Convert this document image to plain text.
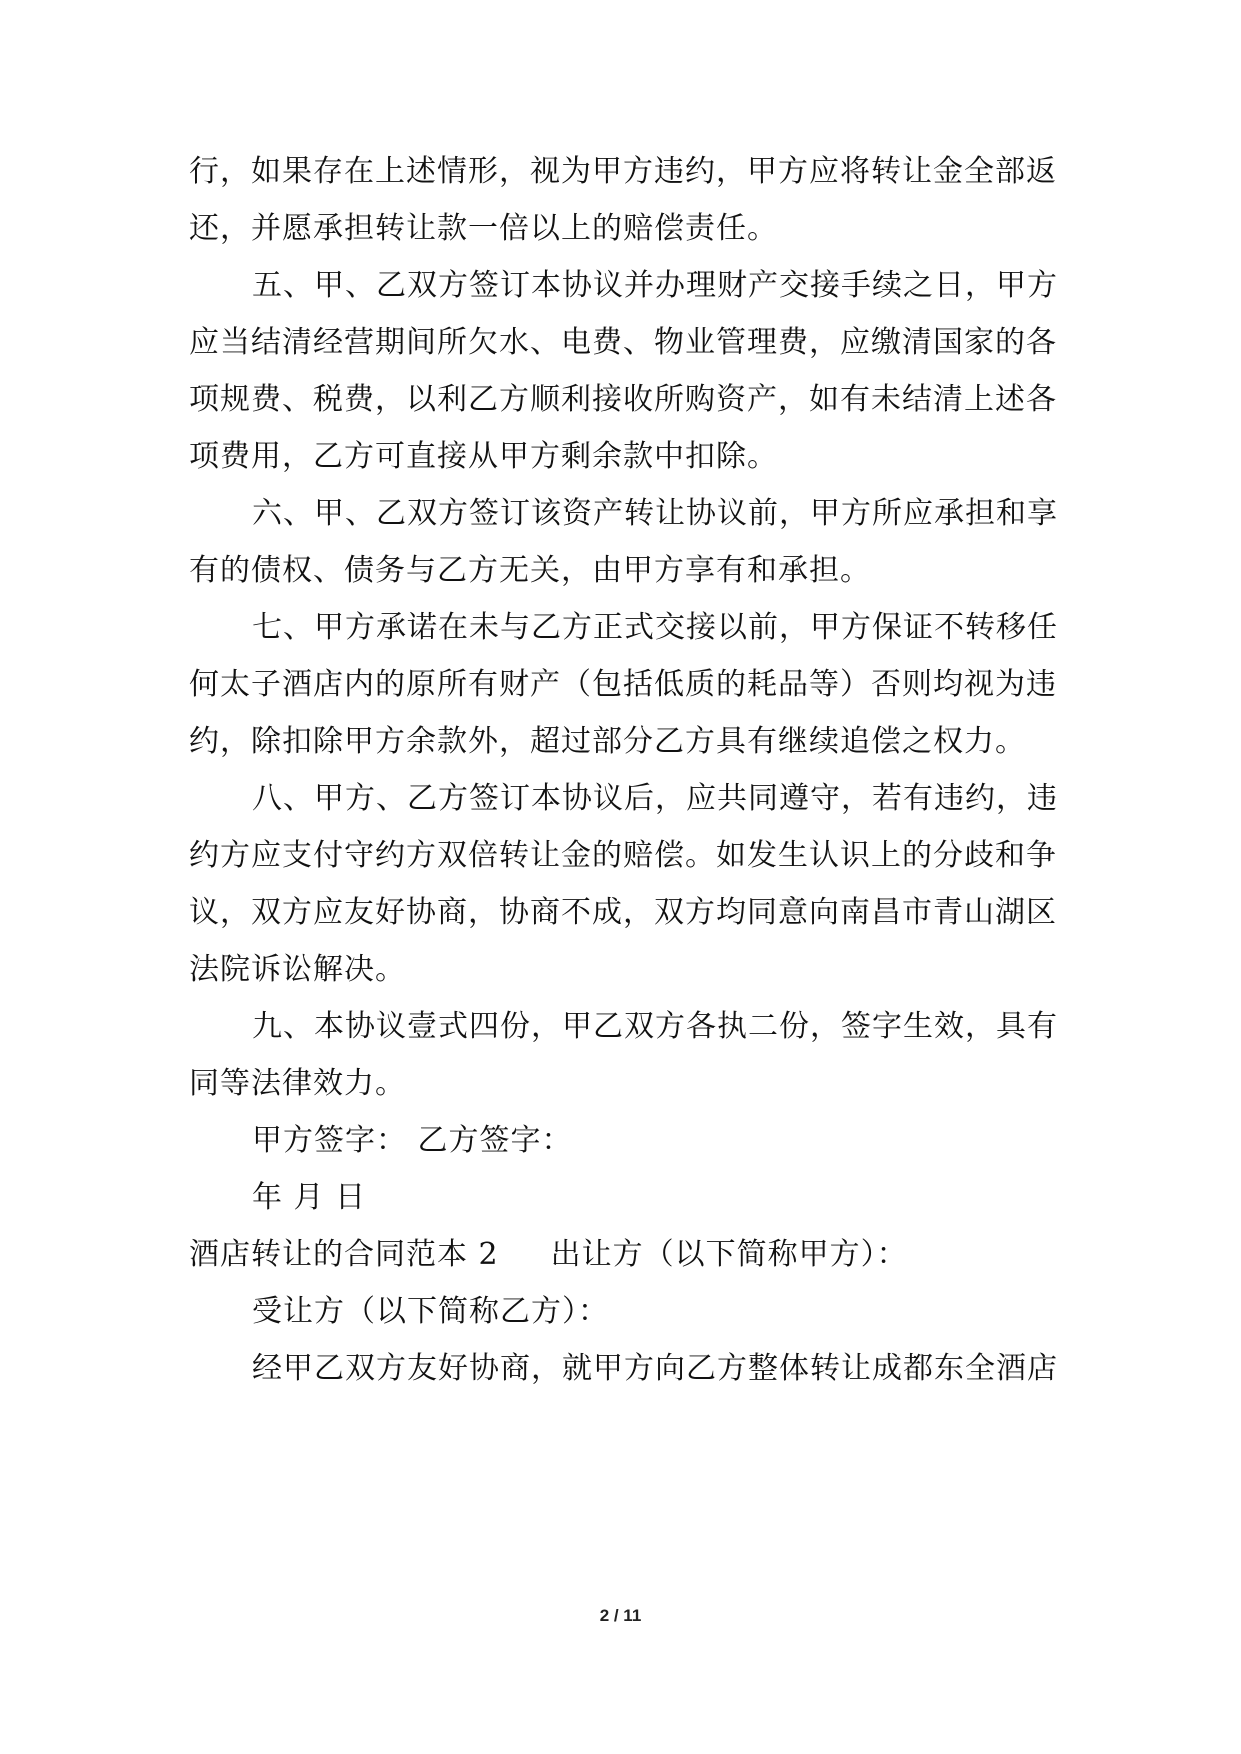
行，如果存在上述情形，视为甲方违约，甲方应将转让金全部返
还，并愿承担转让款一倍以上的赔偿责任。
五、甲、乙双方签订本协议并办理财产交接手续之日，甲方
应当结清经营期间所欠水、电费、物业管理费，应缴清国家的各
项规费、税费，以利乙方顺利接收所购资产，如有未结清上述各
项费用，乙方可直接从甲方剩余款中扣除。
六、甲、乙双方签订该资产转让协议前，甲方所应承担和享
有的债权、债务与乙方无关，由甲方享有和承担。
七、甲方承诺在未与乙方正式交接以前，甲方保证不转移任
何太子酒店内的原所有财产（包括低质的耗品等）否则均视为违
约，除扣除甲方余款外，超过部分乙方具有继续追偿之权力。
八、甲方、乙方签订本协议后，应共同遵守，若有违约，违
约方应支付守约方双倍转让金的赔偿。如发生认识上的分歧和争
议，双方应友好协商，协商不成，双方均同意向南昌市青山湖区
法院诉讼解决。
九、本协议壹式四份，甲乙双方各执二份，签字生效，具有
同等法律效力。
甲方签字： 乙方签字：
年 月 日
酒店转让的合同范本 2 出让方（以下简称甲方）：
受让方（以下简称乙方）：
经甲乙双方友好协商，就甲方向乙方整体转让成都东全酒店
2 / 11
